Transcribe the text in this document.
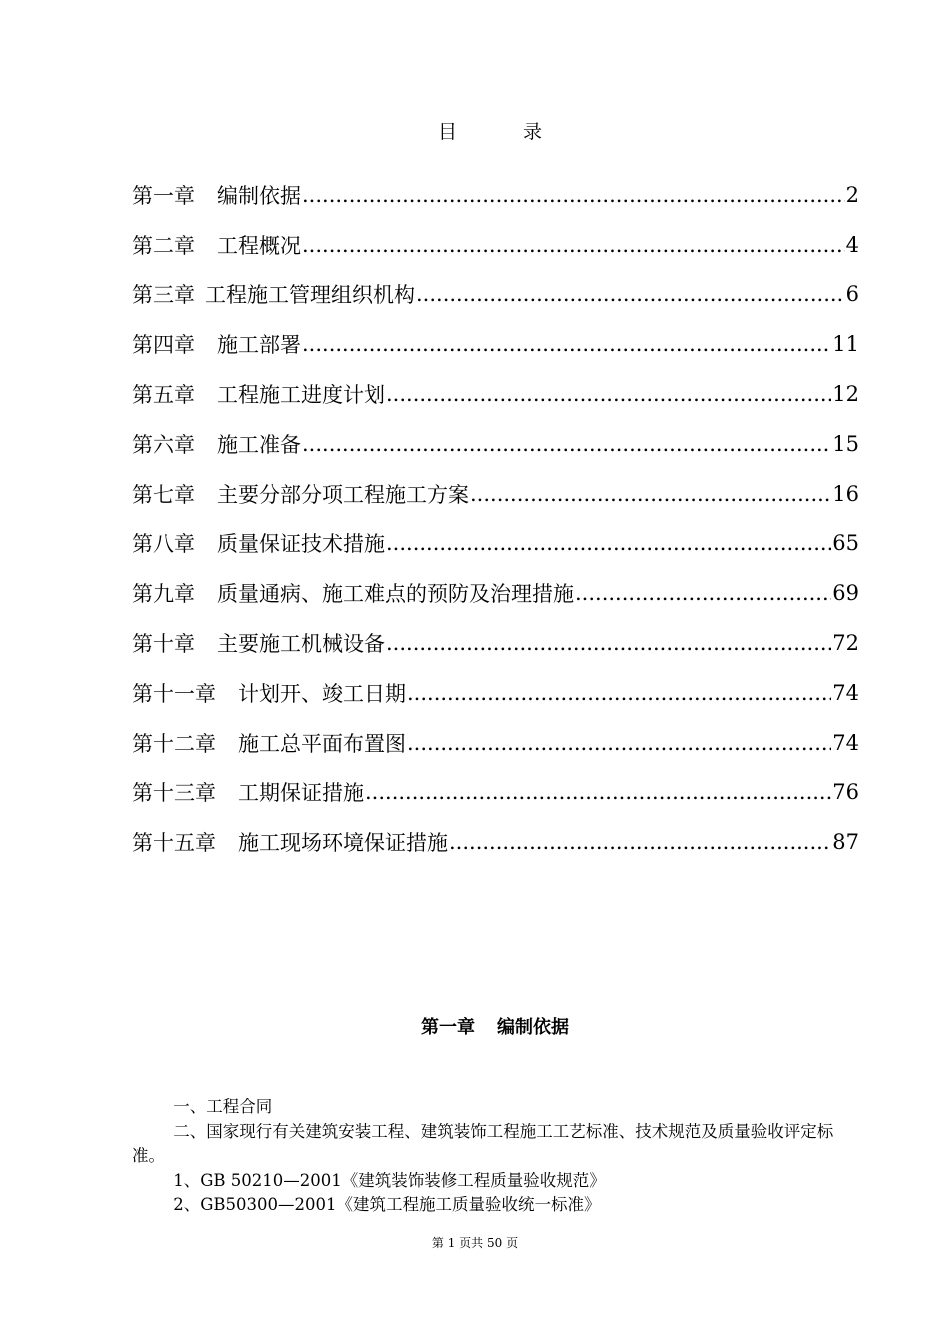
目	录
第一章 编制依据 .....	2
第二章 工程概况 .....	4
第三章 工程施工管理组织机构 .....	6
第四章 施工部署 .....	11
第五章 工程施工进度计划 .....	12
第六章 施工准备 .....	15
第七章 主要分部分项工程施工方案 .....	16
第八章 质量保证技术措施 .....	65
第九章 质量通病、施工难点的预防及治理措施 .....	69
第十章 主要施工机械设备 .....	72
第十一章 计划开、竣工日期 .....	74
第十二章 施工总平面布置图 .....	74
第十三章 工期保证措施 .....	76
第十五章 施工现场环境保证措施 .....	87
第一章 编制依据

一、工程合同

二、国家现行有关建筑安装工程、建筑装饰工程施工工艺标准、技术规范及质量验收评定标准。

1、GB 50210—2001《建筑装饰装修工程质量验收规范》

2、GB50300—2001《建筑工程施工质量验收统一标准》

第 1 页共 50 页
